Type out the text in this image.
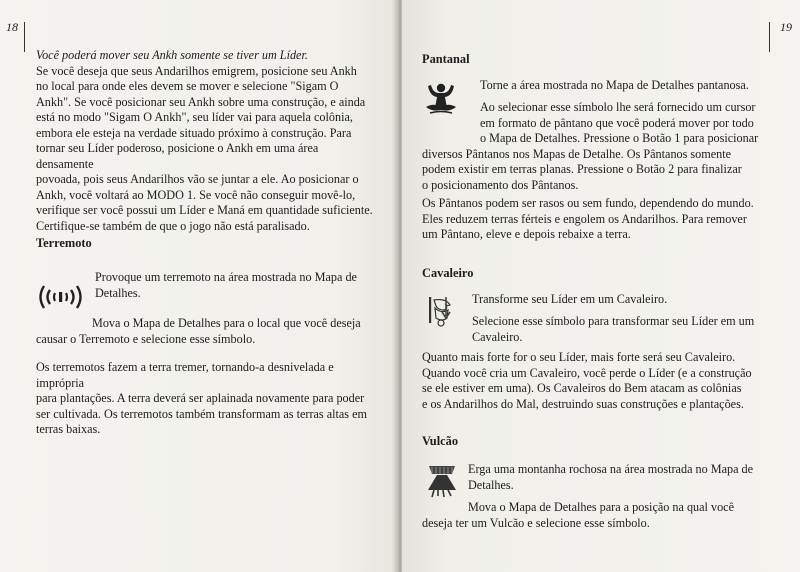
18

Você poderá mover seu Ankh somente se tiver um Líder.

Se você deseja que seus Andarilhos emigrem, posicione seu Ankh

no local para onde eles devem se mover e selecione "Sigam O

Ankh". Se você posicionar seu Ankh sobre uma construção, e ainda

está no modo "Sigam O Ankh", seu líder vai para aquela colônia,

embora ele esteja na verdade situado próximo à construção. Para

tornar seu Líder poderoso, posicione o Ankh em uma área densamente

povoada, pois seus Andarilhos vão se juntar a ele. Ao posicionar o

Ankh, você voltará ao MODO 1. Se você não conseguir movê-lo,

verifique ser você possui um Líder e Maná em quantidade suficiente.

Certifique-se também de que o jogo não está paralisado.

Terremoto

Provoque um terremoto na área mostrada no Mapa de

Detalhes.

Mova o Mapa de Detalhes para o local que você deseja

causar o Terremoto e selecione esse símbolo.

Os terremotos fazem a terra tremer, tornando-a desnivelada e imprópria

para plantações. A terra deverá ser aplainada novamente para poder

ser cultivada. Os terremotos também transformam as terras altas em

terras baixas.

19
Pantanal

Torne a área mostrada no Mapa de Detalhes pantanosa.

Ao selecionar esse símbolo lhe será fornecido um cursor

em formato de pântano que você poderá mover por todo

o Mapa de Detalhes. Pressione o Botão 1 para posicionar

diversos Pântanos nos Mapas de Detalhe. Os Pântanos somente

podem existir em terras planas. Pressione o Botão 2 para finalizar

o posicionamento dos Pântanos.

Os Pântanos podem ser rasos ou sem fundo, dependendo do mundo.

Eles reduzem terras férteis e engolem os Andarilhos. Para remover

um Pântano, eleve e depois rebaixe a terra.

Cavaleiro

Transforme seu Líder em um Cavaleiro.

Selecione esse símbolo para transformar seu Líder em um

Cavaleiro.

Quanto mais forte for o seu Líder, mais forte será seu Cavaleiro.

Quando você cria um Cavaleiro, você perde o Líder (e a construção

se ele estiver em uma). Os Cavaleiros do Bem atacam as colônias

e os Andarilhos do Mal, destruindo suas construções e plantações.

Vulcão

Erga uma montanha rochosa na área mostrada no Mapa de

Detalhes.

Mova o Mapa de Detalhes para a posição na qual você

deseja ter um Vulcão e selecione esse símbolo.
